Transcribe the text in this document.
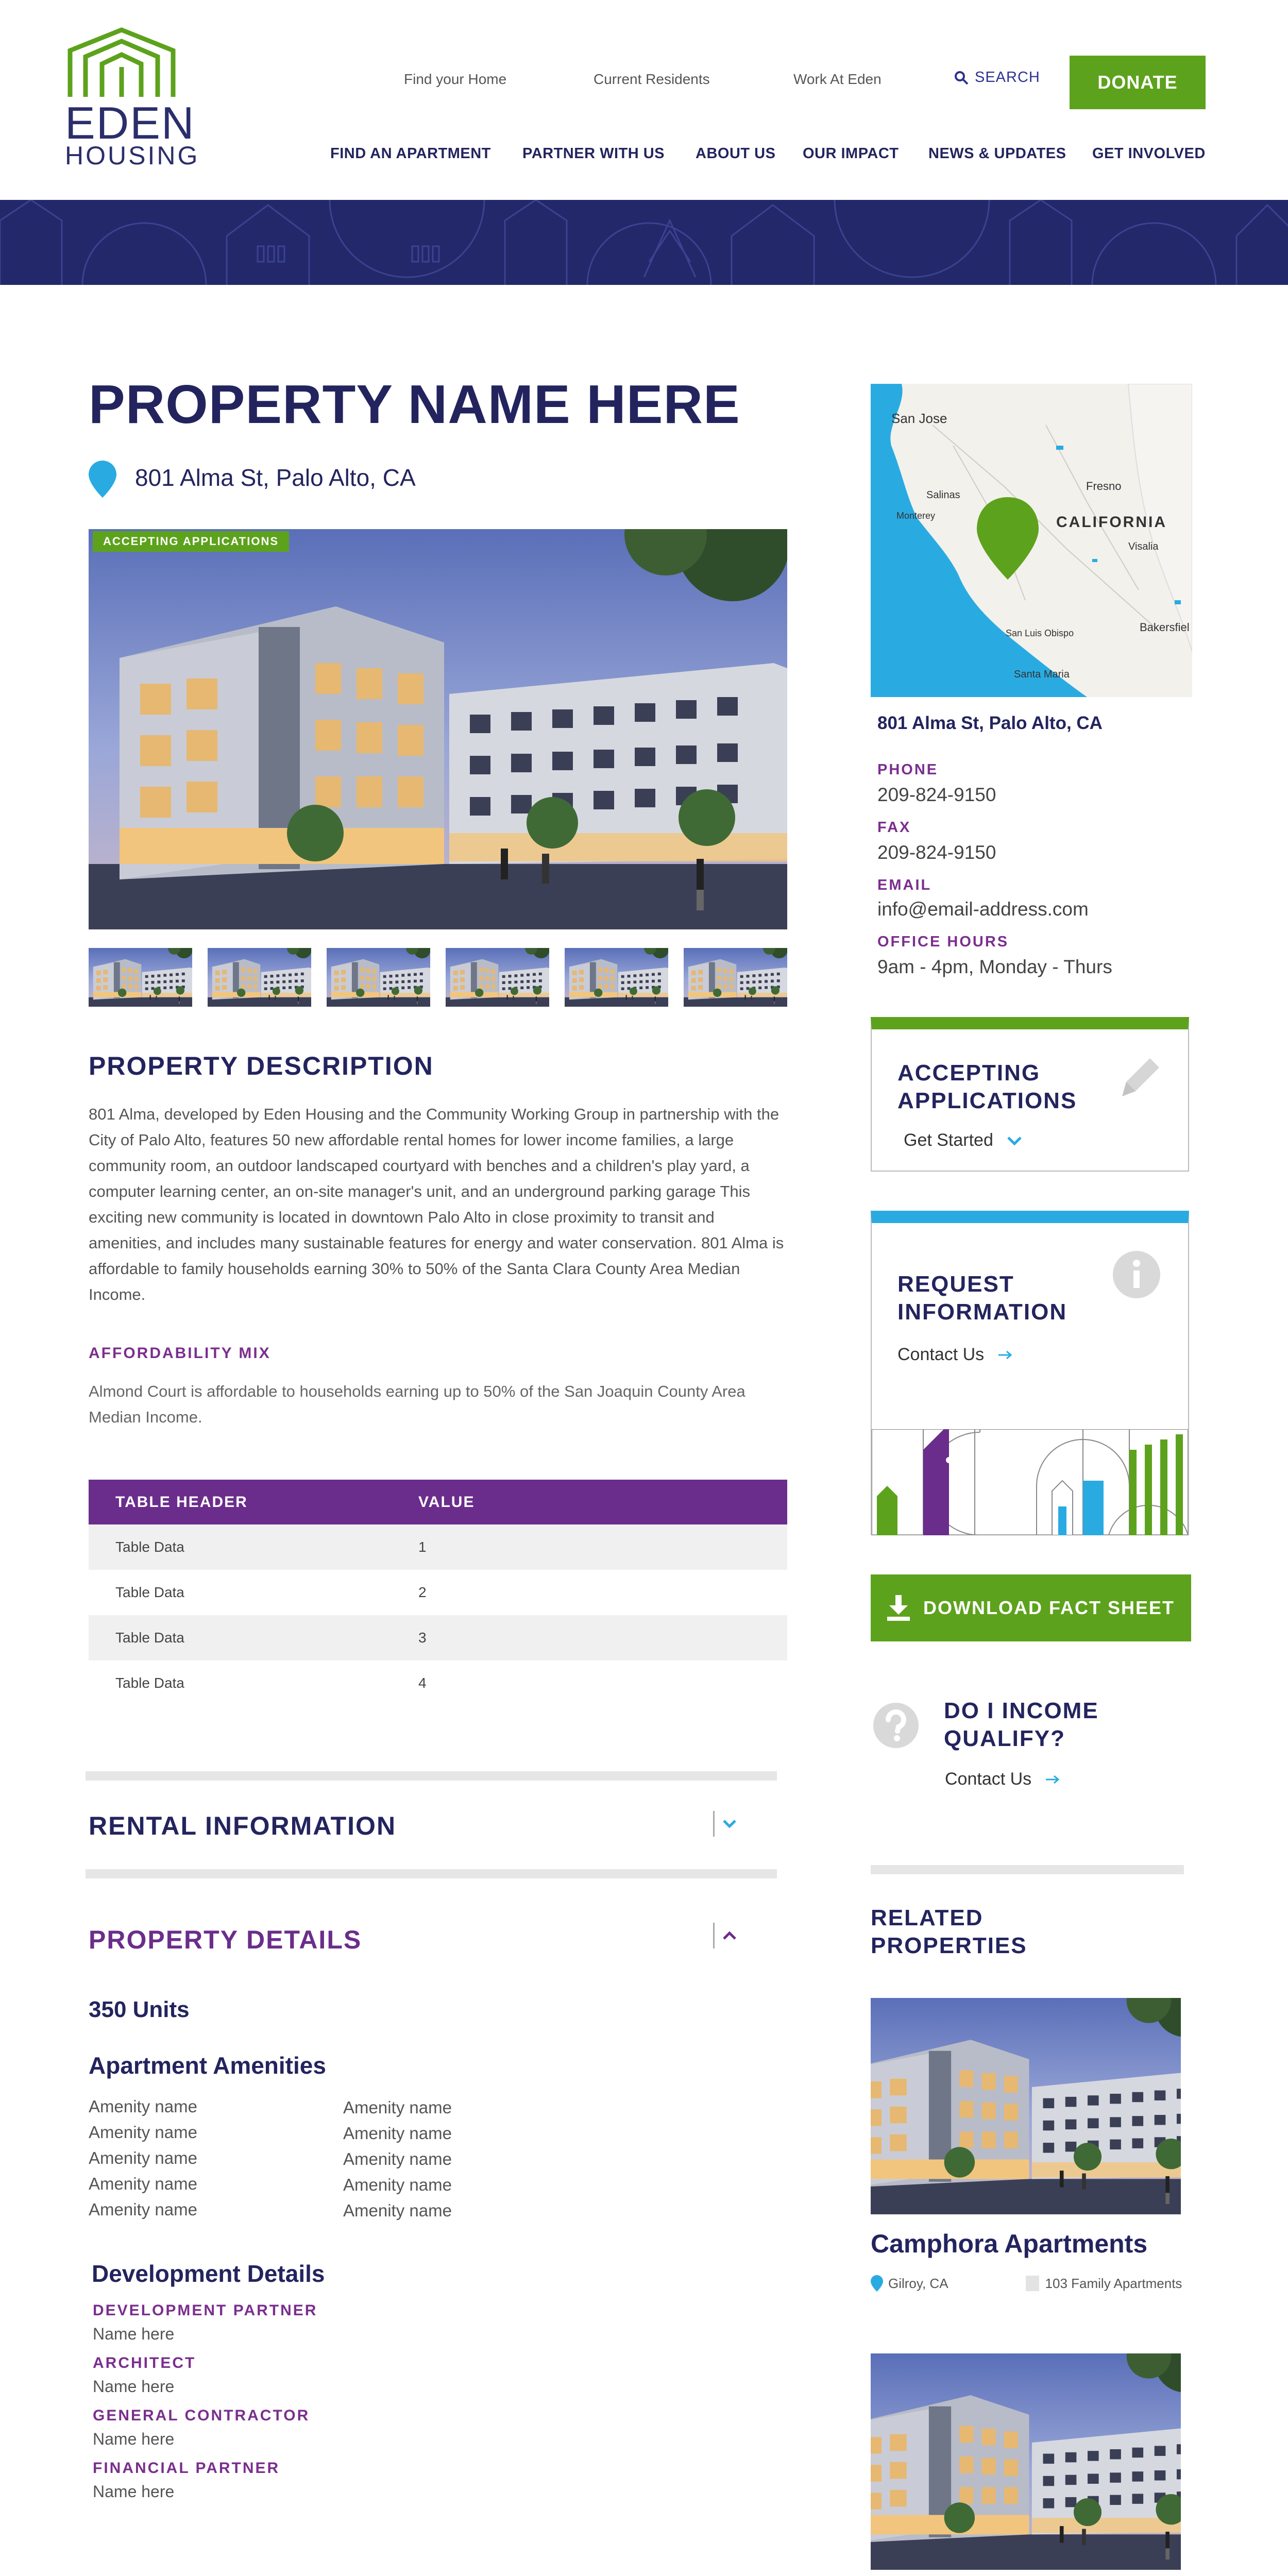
EDEN
HOUSING
Find your Home	Current Residents	Work At Eden	SEARCH	DONATE
FIND AN APARTMENT PARTNER WITH US ABOUT US OUR IMPACT NEWS & UPDATES GET INVOLVED
PROPERTY NAME HERE
801 Alma St, Palo Alto, CA
ACCEPTING APPLICATIONS
PROPERTY DESCRIPTION

801 Alma, developed by Eden Housing and the Community Working Group in partnership with the City of Palo Alto, features 50 new affordable rental homes for lower income families, a large community room, an outdoor landscaped courtyard with benches and a children's play yard, a computer learning center, an on-site manager's unit, and an underground parking garage This exciting new community is located in downtown Palo Alto in close proximity to transit and amenities, and includes many sustainable features for energy and water conservation. 801 Alma is affordable to family households earning 30% to 50% of the Santa Clara County Area Median Income.

AFFORDABILITY MIX

Almond Court is affordable to households earning up to 50% of the San Joaquin County Area Median Income.

TABLE HEADER	VALUE
Table Data	1
Table Data	2
Table Data	3
Table Data	4
RENTAL INFORMATION
PROPERTY DETAILS
350 Units
Apartment Amenities
Amenity name
Amenity name
Amenity name
Amenity name
Amenity name
Amenity name
Amenity name
Amenity name
Amenity name
Amenity name
Development Details
DEVELOPMENT PARTNER
Name here
ARCHITECT
Name here
GENERAL CONTRACTOR
Name here
FINANCIAL PARTNER
Name here
San Jose
Fresno
Salinas
Monterey	CALIFORNIA
Visalia
Bakersfiel
San Luis Obispo
Santa Maria
801 Alma St, Palo Alto, CA
PHONE
209-824-9150
FAX
209-824-9150
EMAIL
info@email-address.com
OFFICE HOURS
9am - 4pm, Monday - Thurs
ACCEPTING
APPLICATIONS
Get Started
REQUEST
INFORMATION
Contact Us
DOWNLOAD FACT SHEET
DO I INCOME
QUALIFY?
Contact Us
RELATED
PROPERTIES
Camphora Apartments
Gilroy, CA	103 Family Apartments
